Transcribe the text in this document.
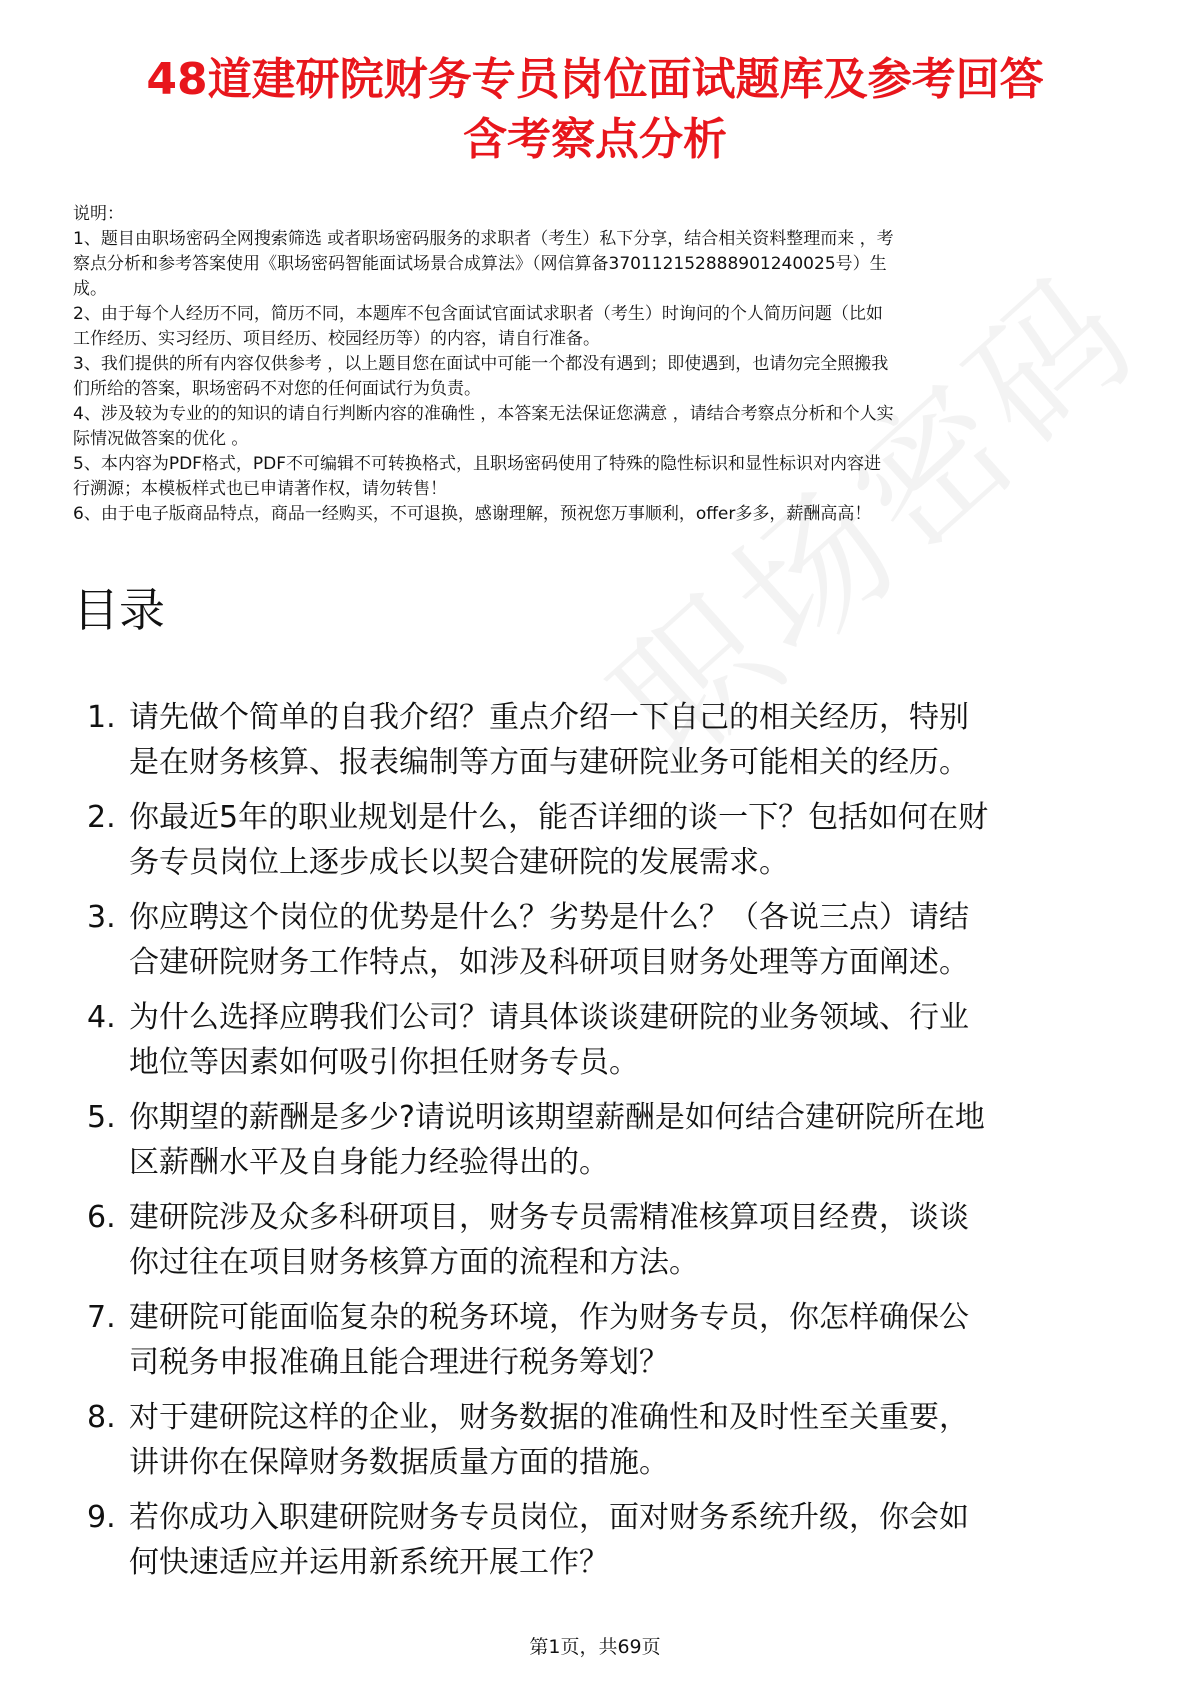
48道建研院财务专员岗位面试题库及参考回答
含考察点分析
说明：
1、题目由职场密码全网搜索筛选 或者职场密码服务的求职者（考生）私下分享，结合相关资料整理而来 ，考
察点分析和参考答案使用《职场密码智能面试场景合成算法》（网信算备370112152888901240025号）生
成。
2、由于每个人经历不同，简历不同，本题库不包含面试官面试求职者（考生）时询问的个人简历问题（比如
工作经历、实习经历、项目经历、校园经历等）的内容，请自行准备。
3、我们提供的所有内容仅供参考 ，以上题目您在面试中可能一个都没有遇到；即使遇到，也请勿完全照搬我
们所给的答案，职场密码不对您的任何面试行为负责。
4、涉及较为专业的的知识的请自行判断内容的准确性 ，本答案无法保证您满意 ，请结合考察点分析和个人实
际情况做答案的优化 。
5、本内容为PDF格式，PDF不可编辑不可转换格式，且职场密码使用了特殊的隐性标识和显性标识对内容进
行溯源；本模板样式也已申请著作权，请勿转售！
6、由于电子版商品特点，商品一经购买，不可退换，感谢理解，预祝您万事顺利，offer多多，薪酬高高！
目录
1. 请先做个简单的自我介绍？重点介绍一下自己的相关经历，特别
是在财务核算、报表编制等方面与建研院业务可能相关的经历。
2. 你最近5年的职业规划是什么，能否详细的谈一下？包括如何在财
务专员岗位上逐步成长以契合建研院的发展需求。
3. 你应聘这个岗位的优势是什么？劣势是什么？（各说三点）请结
合建研院财务工作特点，如涉及科研项目财务处理等方面阐述。
4. 为什么选择应聘我们公司？请具体谈谈建研院的业务领域、行业
地位等因素如何吸引你担任财务专员。
5. 你期望的薪酬是多少?请说明该期望薪酬是如何结合建研院所在地
区薪酬水平及自身能力经验得出的。
6. 建研院涉及众多科研项目，财务专员需精准核算项目经费，谈谈
你过往在项目财务核算方面的流程和方法。
7. 建研院可能面临复杂的税务环境，作为财务专员，你怎样确保公
司税务申报准确且能合理进行税务筹划？
8. 对于建研院这样的企业，财务数据的准确性和及时性至关重要，
讲讲你在保障财务数据质量方面的措施。
9. 若你成功入职建研院财务专员岗位，面对财务系统升级，你会如
何快速适应并运用新系统开展工作？
第1页，共69页
